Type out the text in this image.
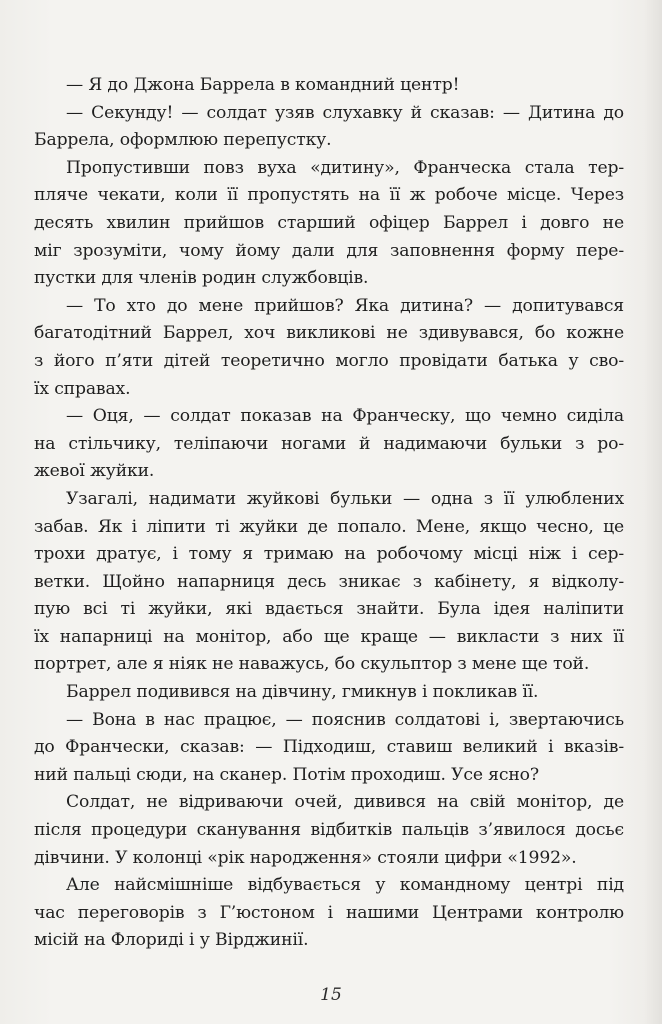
— Я до Джона Баррела в командний центр!
— Секунду! — солдат узяв слухавку й сказав: — Дитина до
Баррела, оформлюю перепустку.
Пропустивши повз вуха «дитину», Франческа стала тер-
пляче чекати, коли її пропустять на її ж робоче місце. Через
десять хвилин прийшов старший офіцер Баррел і довго не
міг зрозуміти, чому йому дали для заповнення форму пере-
пустки для членів родин службовців.
— То хто до мене прийшов? Яка дитина? — допитувався
багатодітний Баррел, хоч викликові не здивувався, бо кожне
з його п’яти дітей теоретично могло провідати батька у сво-
їх справах.
— Оця, — солдат показав на Франческу, що чемно сиділа
на стільчику, теліпаючи ногами й надимаючи бульки з ро-
жевої жуйки.
Узагалі, надимати жуйкові бульки — одна з її улюблених
забав. Як і ліпити ті жуйки де попало. Мене, якщо чесно, це
трохи дратує, і тому я тримаю на робочому місці ніж і сер-
ветки. Щойно напарниця десь зникає з кабінету, я відколу-
пую всі ті жуйки, які вдається знайти. Була ідея наліпити
їх напарниці на монітор, або ще краще — викласти з них її
портрет, але я ніяк не наважусь, бо скульптор з мене ще той.
Баррел подивився на дівчину, гмикнув і покликав її.
— Вона в нас працює, — пояснив солдатові і, звертаючись
до Франчески, сказав: — Підходиш, ставиш великий і вказів-
ний пальці сюди, на сканер. Потім проходиш. Усе ясно?
Солдат, не відриваючи очей, дивився на свій монітор, де
після процедури сканування відбитків пальців з’явилося досьє
дівчини. У колонці «рік народження» стояли цифри «1992».
Але найсмішніше відбувається у командному центрі під
час переговорів з Г’юстоном і нашими Центрами контролю
місій на Флориді і у Вірджинії.
15
